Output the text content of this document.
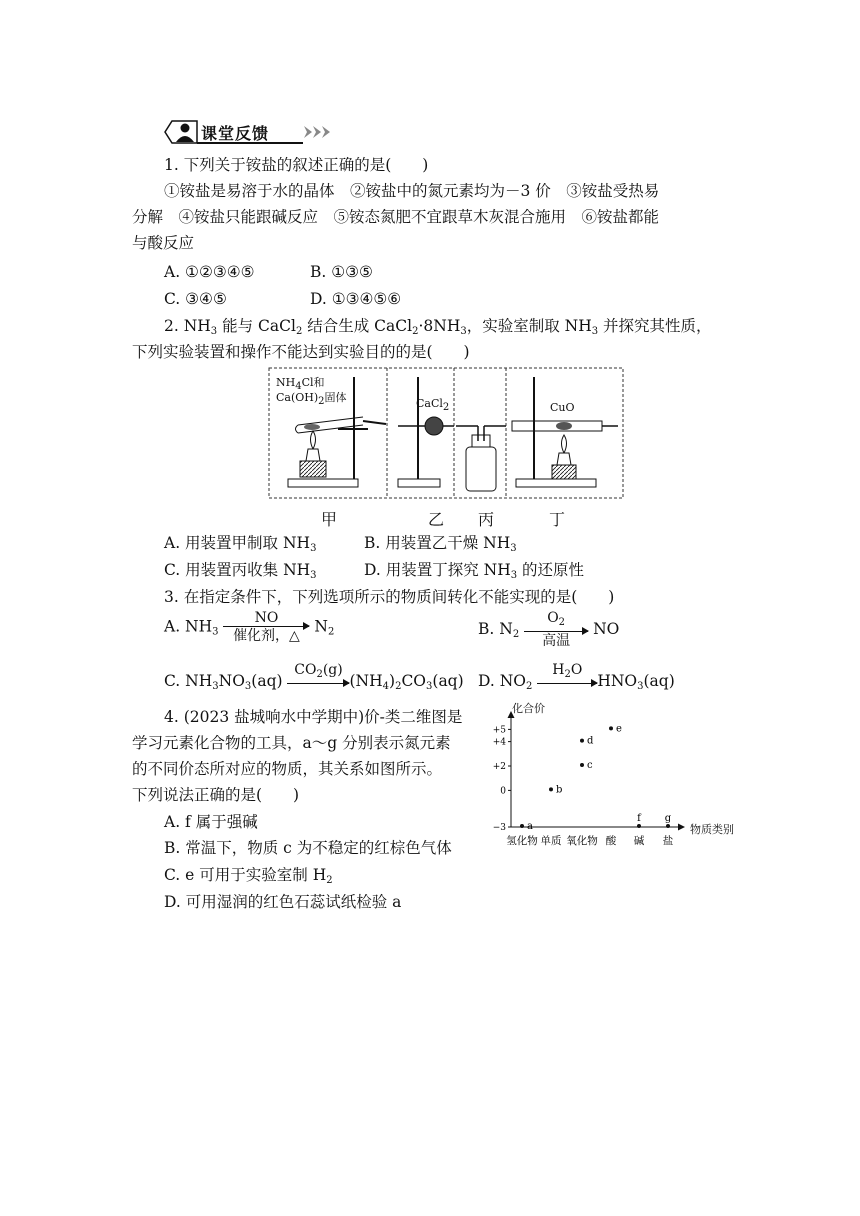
课堂反馈
1. 下列关于铵盐的叙述正确的是(　　)
①铵盐是易溶于水的晶体　②铵盐中的氮元素均为－3 价　③铵盐受热易
分解　④铵盐只能跟碱反应　⑤铵态氮肥不宜跟草木灰混合施用　⑥铵盐都能
与酸反应
A. ①②③④⑤	B. ①③⑤
C. ③④⑤	D. ①③④⑤⑥
2. $NH_3$ 能与 CaCl$_2$ 结合生成 $CaCl_2\cdot 8NH_3$，实验室制取 $NH_3$ 并探究其性质，
下列实验装置和操作不能达到实验目的的是(　　)
$NH_4Cl$和
$Ca(OH)_2$固体	CaCl$_2$	CuO
甲	乙 丙	丁
A. 用装置甲制取 $NH_3$	B. 用装置乙干燥 $NH_3$
C. 用装置丙收集 $NH_3$	D. 用装置丁探究 $NH_3$ 的还原性
3. 在指定条件下，下列选项所示的物质间转化不能实现的是(　　)
A. $NH_3$
NO
催化剂，△
$N_2$	B. $N_2$
$O_2$
高温
NO
C. $NH_3NO_3(aq)$
$CO_2(g)$

$(NH_4)_2CO_3(aq)$ D. $NO_2$
$H_2O$

$HNO_3(aq)$
4. (2023 盐城响水中学期中)价-类二维图是
学习元素化合物的工具，a～g 分别表示氮元素
的不同价态所对应的物质，其关系如图所示。
下列说法正确的是(　　)
A. f 属于强碱
B. 常温下，物质 c 为不稳定的红棕色气体
C. e 可用于实验室制 $H_2$
D. 可用湿润的红色石蕊试纸检验 a
+5
+4
+2
0
−3
氢化物 单质 氧化物 酸 碱 盐
a
b
c
d
e
f g
化合价
物质类别
